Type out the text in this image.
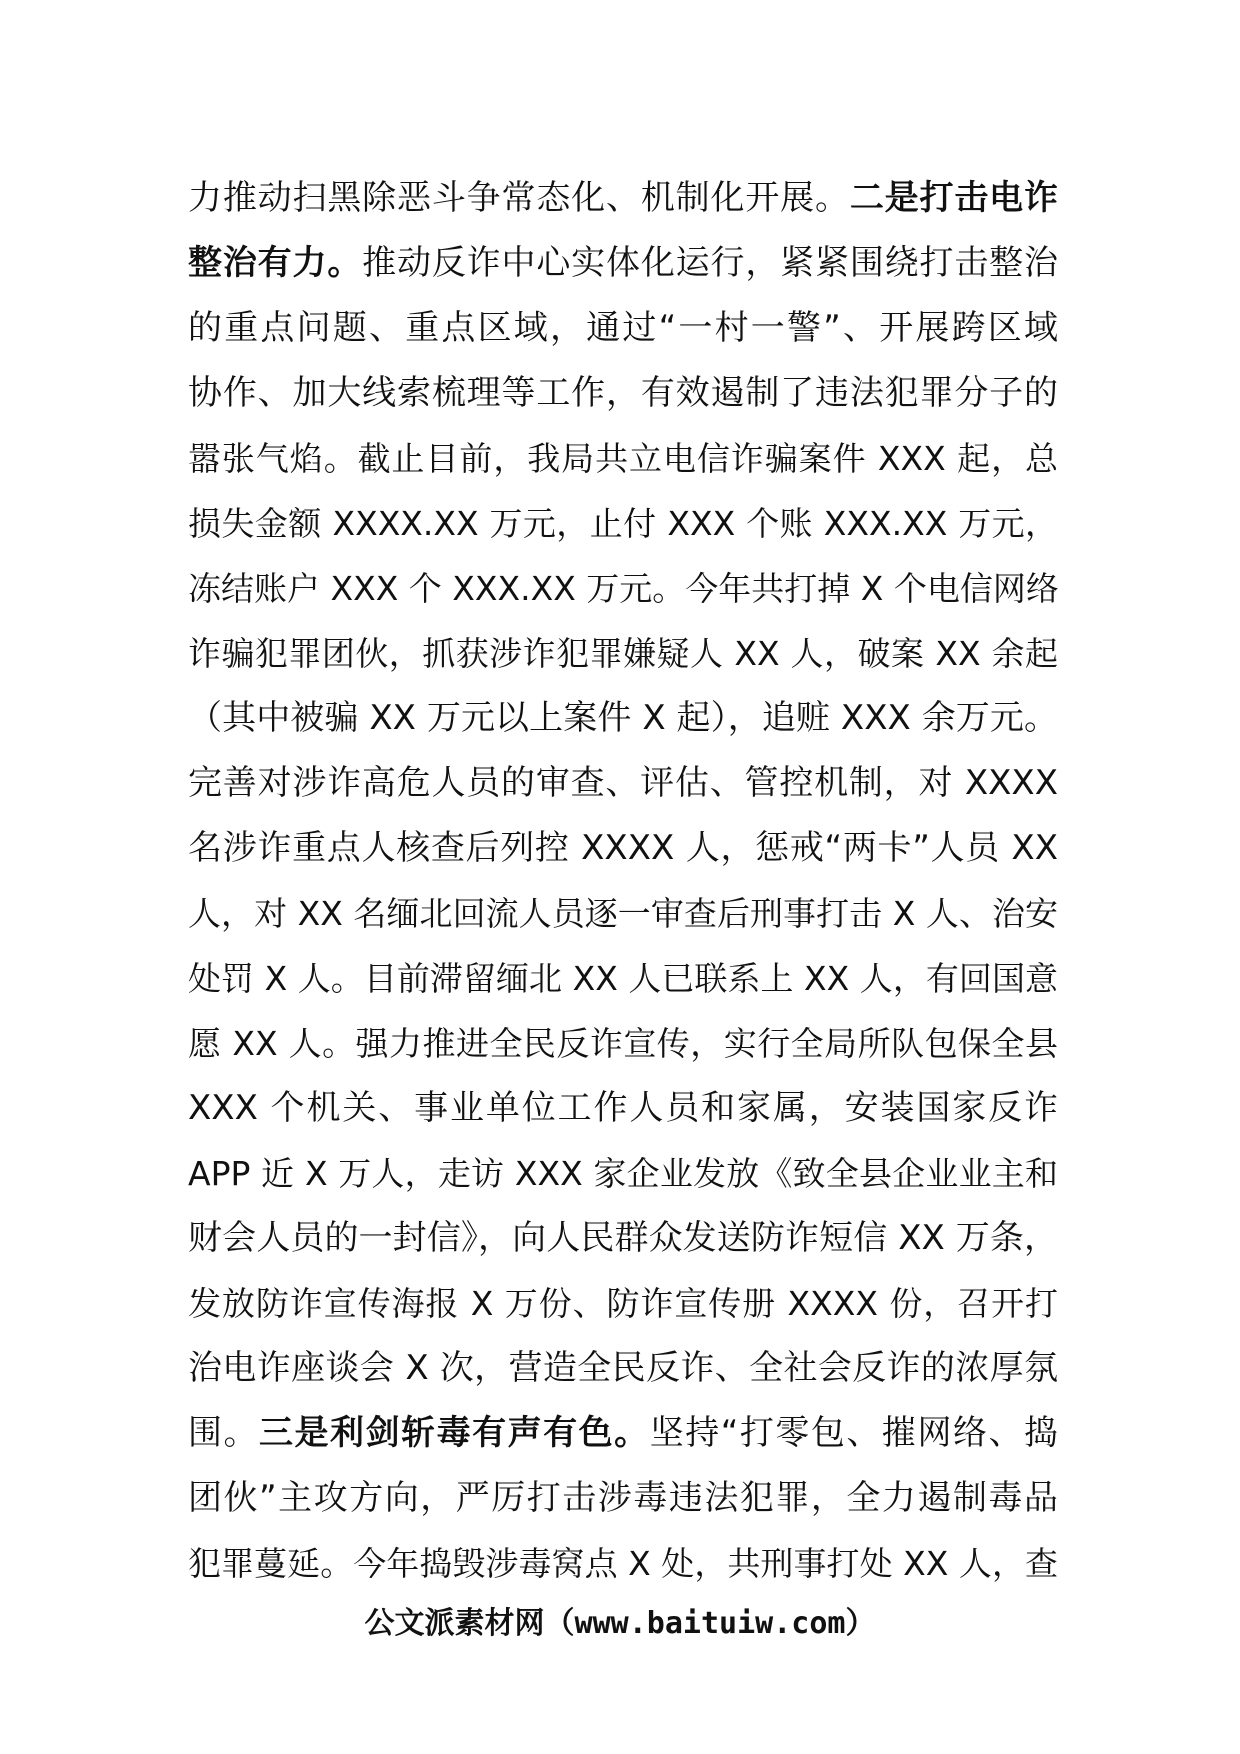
力推动扫黑除恶斗争常态化、机制化开展。二是打击电诈
整治有力。推动反诈中心实体化运行，紧紧围绕打击整治
的重点问题、重点区域，通过“一村一警”、开展跨区域
协作、加大线索梳理等工作，有效遏制了违法犯罪分子的
嚣张气焰。截止目前，我局共立电信诈骗案件 XXX 起，总
损失金额 XXXX.XX 万元，止付 XXX 个账 XXX.XX 万元，
冻结账户 XXX 个 XXX.XX 万元。今年共打掉 X 个电信网络
诈骗犯罪团伙，抓获涉诈犯罪嫌疑人 XX 人，破案 XX 余起
（其中被骗 XX 万元以上案件 X 起），追赃 XXX 余万元。
完善对涉诈高危人员的审查、评估、管控机制，对 XXXX
名涉诈重点人核查后列控 XXXX 人，惩戒“两卡”人员 XX
人，对 XX 名缅北回流人员逐一审查后刑事打击 X 人、治安
处罚 X 人。目前滞留缅北 XX 人已联系上 XX 人，有回国意
愿 XX 人。强力推进全民反诈宣传，实行全局所队包保全县
XXX 个机关、事业单位工作人员和家属，安装国家反诈
APP 近 X 万人，走访 XXX 家企业发放《致全县企业业主和
财会人员的一封信》，向人民群众发送防诈短信 XX 万条，
发放防诈宣传海报 X 万份、防诈宣传册 XXXX 份，召开打
治电诈座谈会 X 次，营造全民反诈、全社会反诈的浓厚氛
围。三是利剑斩毒有声有色。坚持“打零包、摧网络、捣
团伙”主攻方向，严厉打击涉毒违法犯罪，全力遏制毒品
犯罪蔓延。今年捣毁涉毒窝点 X 处，共刑事打处 XX 人，查
公文派素材网（www.baituiw.com）
